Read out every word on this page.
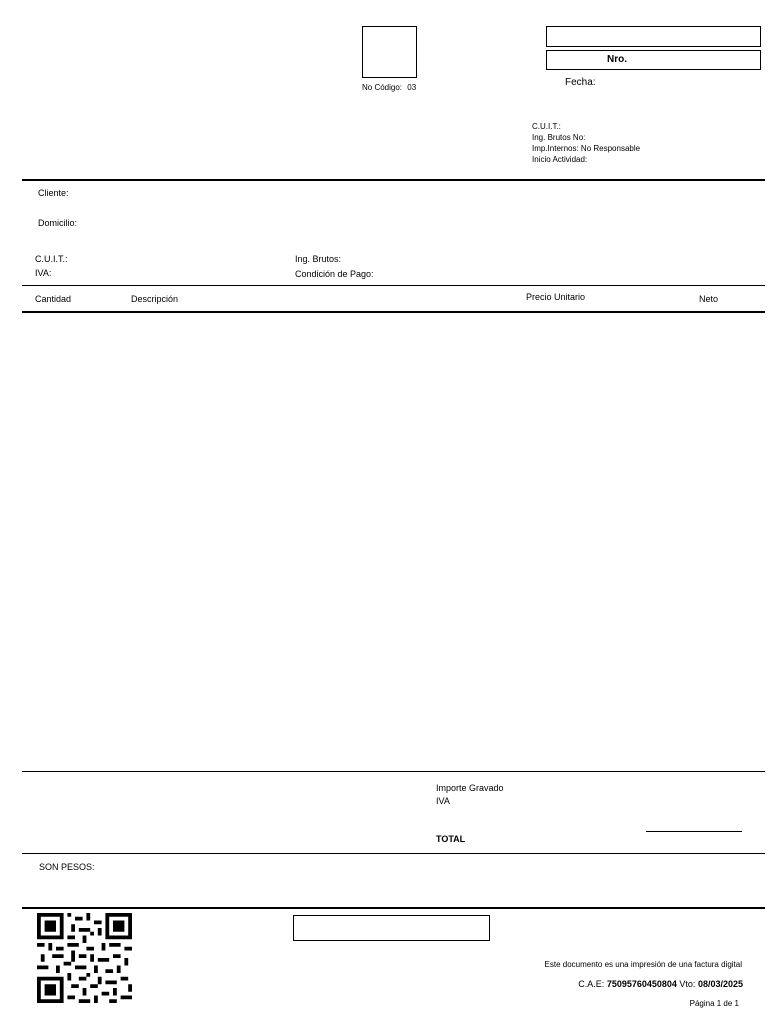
No Código: 03
Nro.
Fecha:
C.U.I.T.:
Ing. Brutos No:
Imp.Internos: No Responsable
Inicio Actividad:
Cliente:
Domicilio:
C.U.I.T.:
IVA:
Ing. Brutos:
Condición de Pago:
Cantidad	Descripción	Precio Unitario	Neto
Importe Gravado
IVA
TOTAL
SON PESOS:
Este documento es una impresión de una factura digital
C.A.E: 75095760450804 Vto: 08/03/2025
Página 1 de 1
